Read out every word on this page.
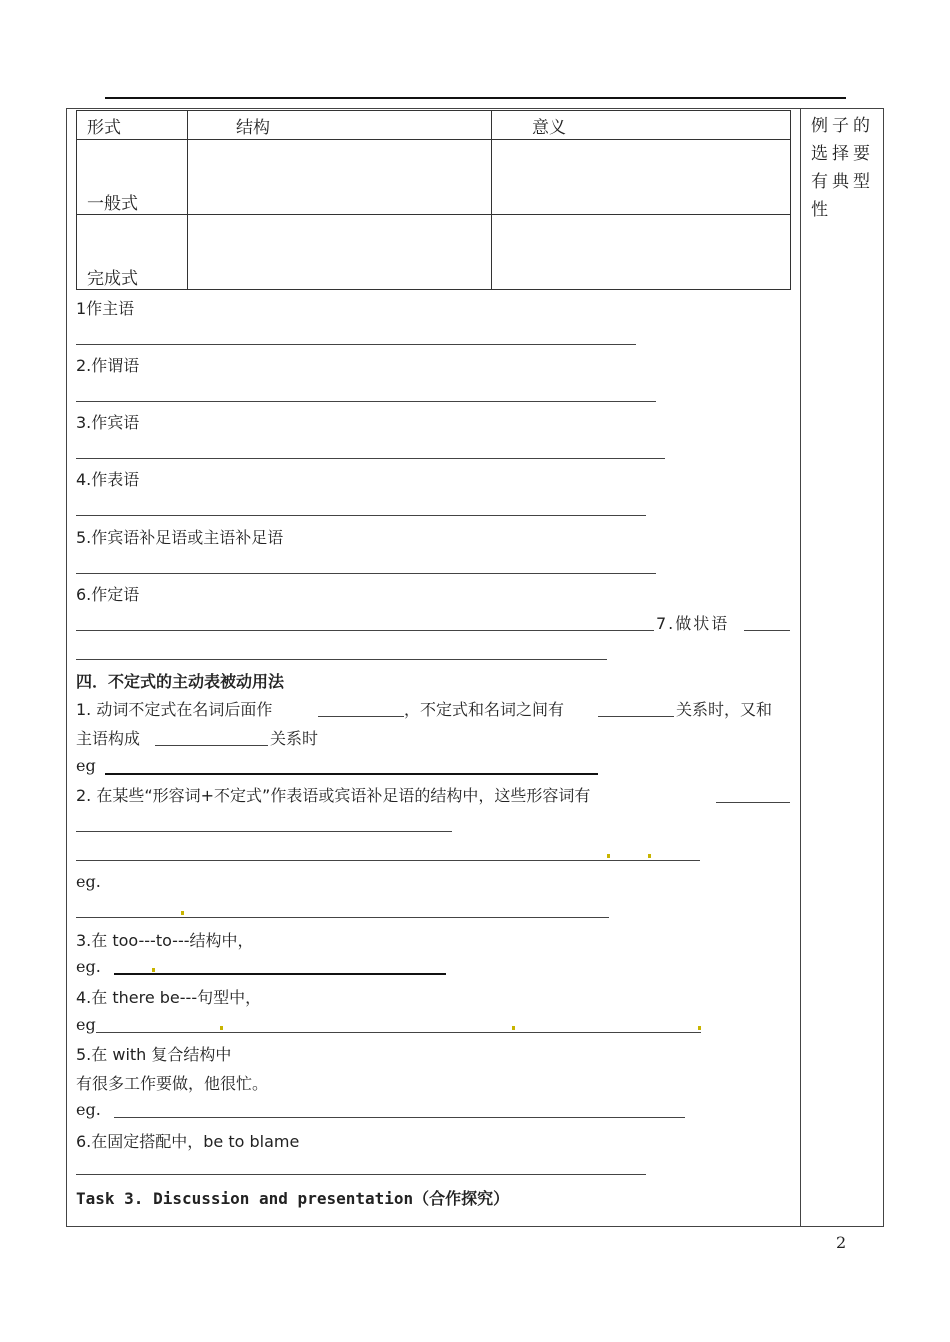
例子的选择要有典型性
形式	结构	意义
一般式		
完成式		
1作主语
2.作谓语
3.作宾语
4.作表语
5.作宾语补足语或主语补足语
6.作定语
7.做状语
四．不定式的主动表被动用法
1. 动词不定式在名词后面作	，不定式和名词之间有	关系时，又和
主语构成	关系时
eg
2. 在某些“形容词+不定式”作表语或宾语补足语的结构中，这些形容词有
eg.
3.在 too---to---结构中，
eg.
4.在 there be---句型中，
eg
5.在 with 复合结构中
有很多工作要做，他很忙。
eg.
6.在固定搭配中，be to blame
Task 3. Discussion and presentation（合作探究）
2
